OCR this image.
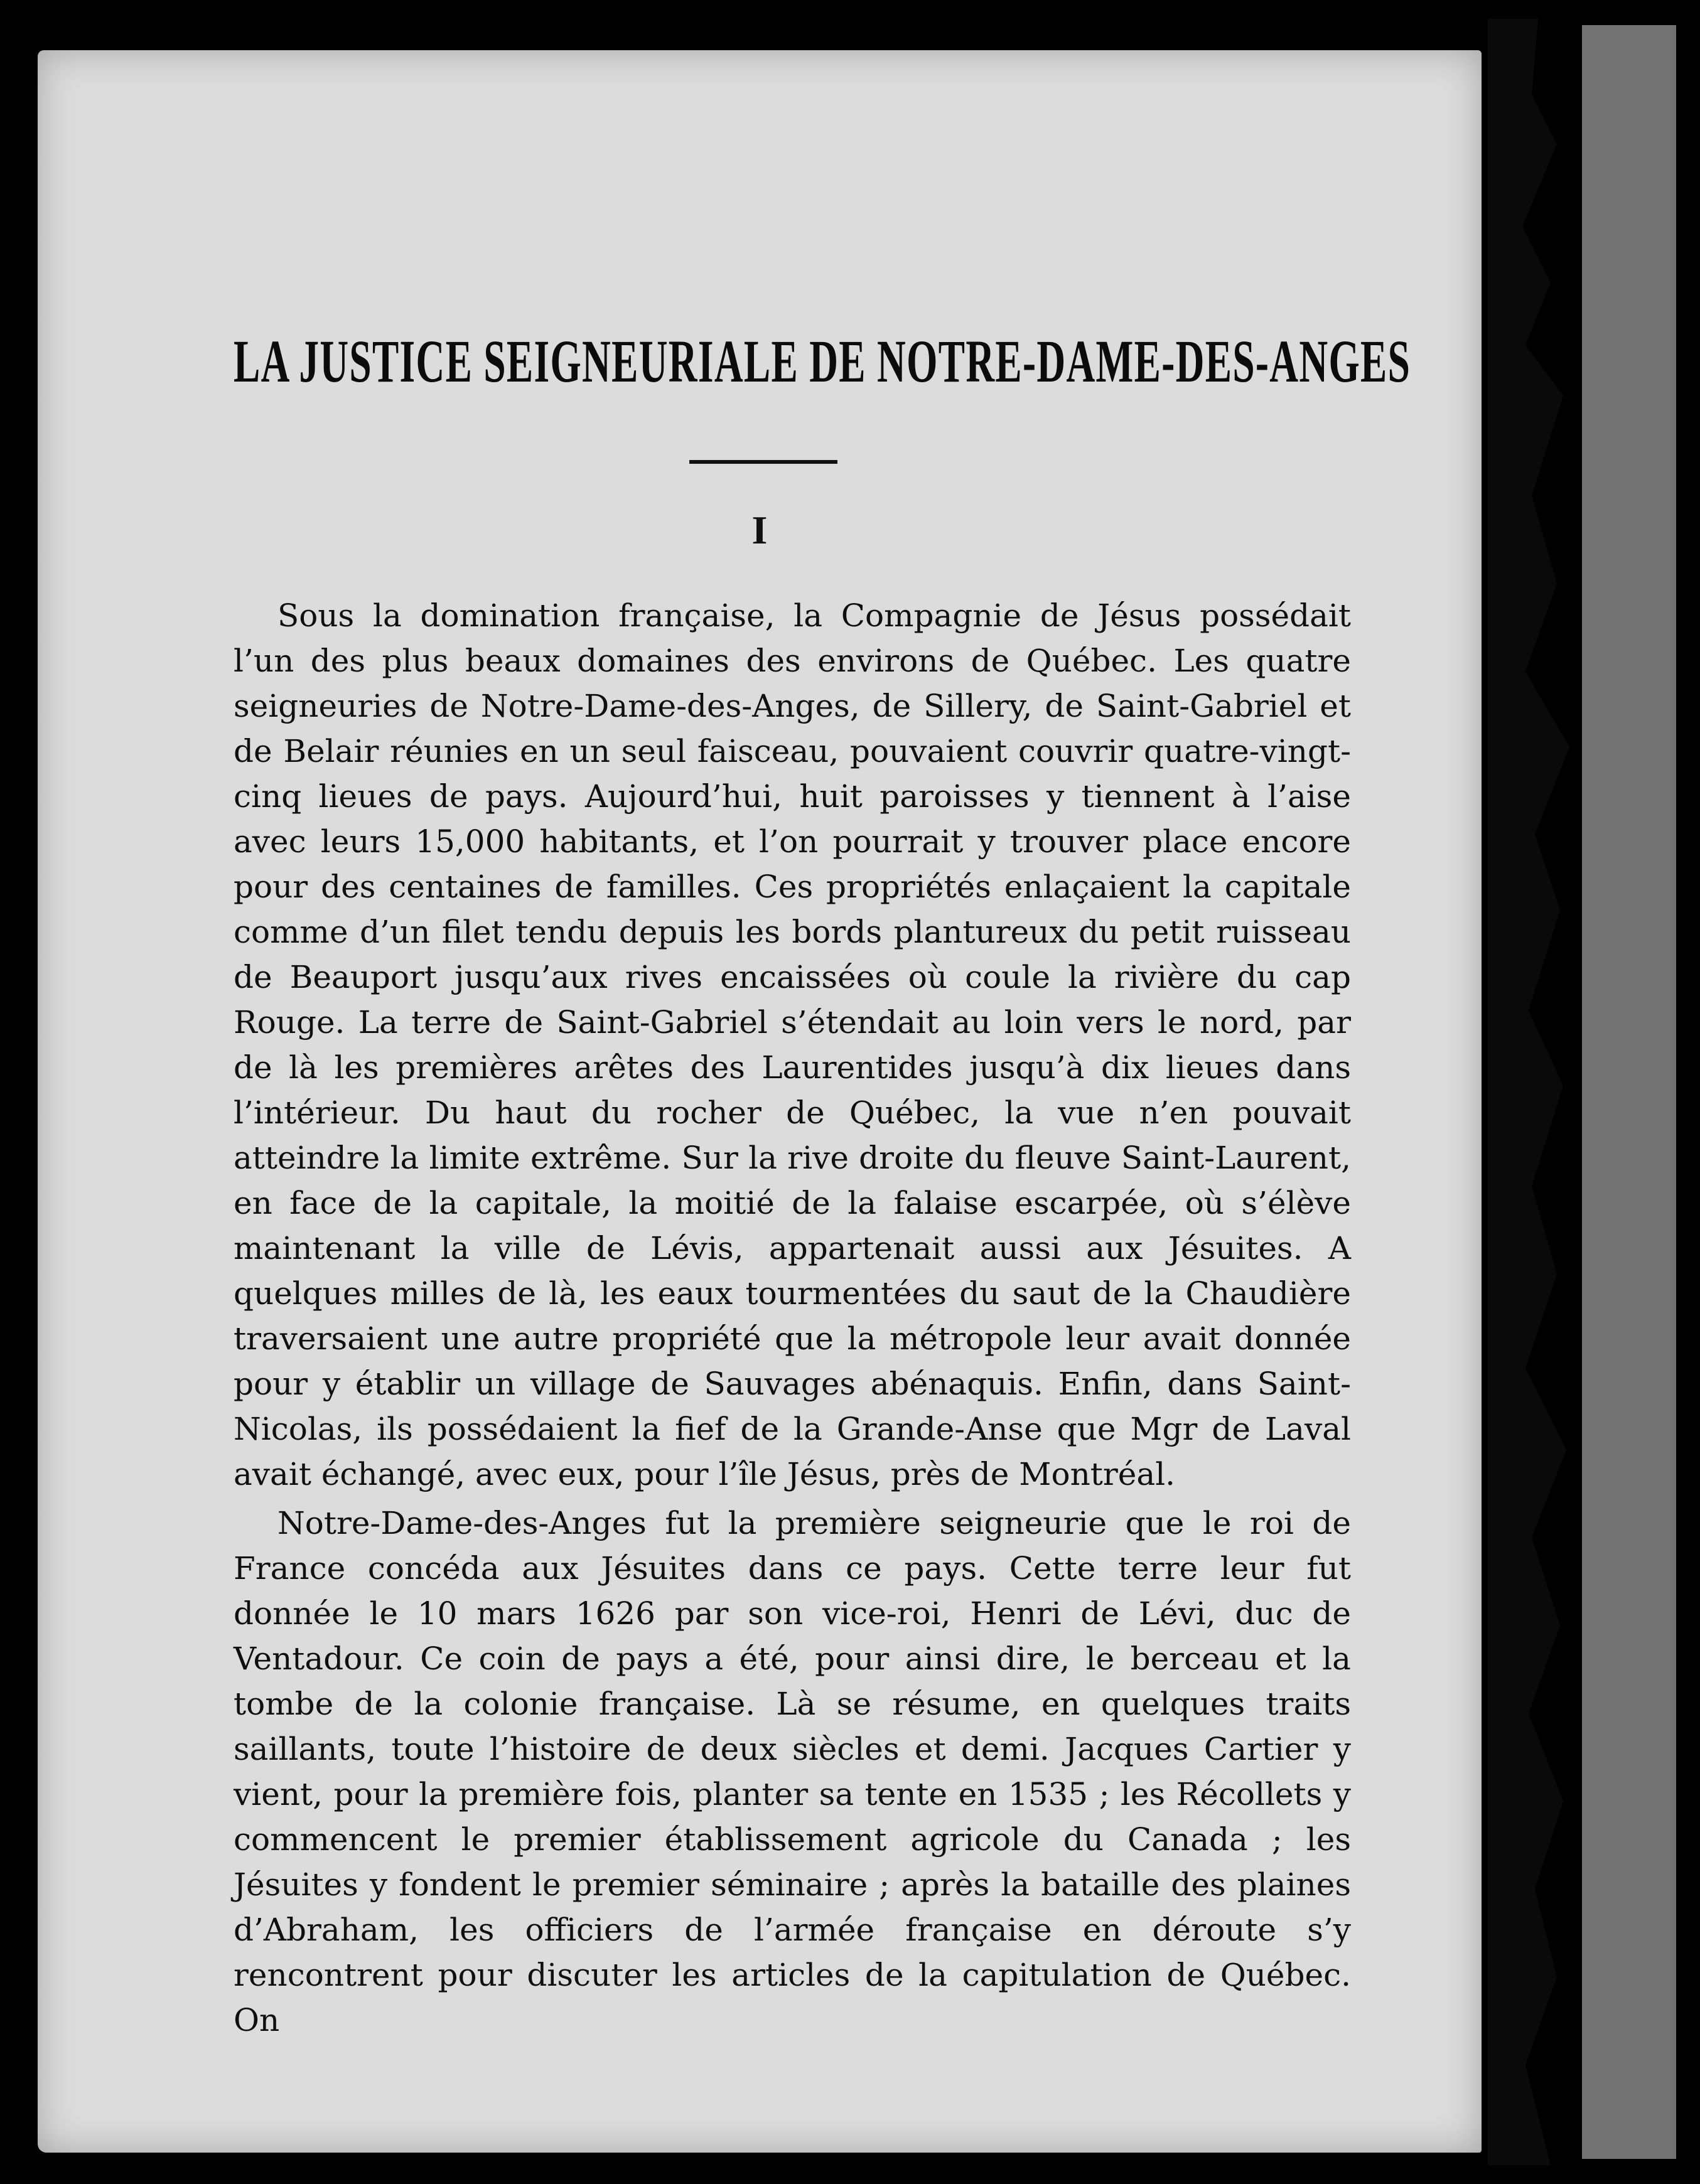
LA JUSTICE SEIGNEURIALE DE NOTRE-DAME-DES-ANGES
I

Sous la domination française, la Compagnie de Jésus possédait l’un des plus beaux domaines des environs de Québec. Les quatre seigneuries de Notre-Dame-des-Anges, de Sillery, de Saint-Gabriel et de Belair réunies en un seul faisceau, pouvaient couvrir quatre-vingt-cinq lieues de pays. Aujourd’hui, huit paroisses y tiennent à l’aise avec leurs 15,000 habitants, et l’on pourrait y trouver place encore pour des centaines de familles. Ces propriétés enlaçaient la capitale comme d’un filet tendu depuis les bords plantureux du petit ruisseau de Beauport jusqu’aux rives encaissées où coule la rivière du cap Rouge. La terre de Saint-Gabriel s’étendait au loin vers le nord, par de là les premières arêtes des Laurentides jusqu’à dix lieues dans l’intérieur. Du haut du rocher de Québec, la vue n’en pouvait atteindre la limite extrême. Sur la rive droite du fleuve Saint-Laurent, en face de la capitale, la moitié de la falaise escarpée, où s’élève maintenant la ville de Lévis, appartenait aussi aux Jésuites. A quelques milles de là, les eaux tourmentées du saut de la Chaudière traversaient une autre propriété que la métropole leur avait donnée pour y établir un village de Sauvages abénaquis. Enfin, dans Saint-Nicolas, ils possédaient la fief de la Grande-Anse que Mgr de Laval avait échangé, avec eux, pour l’île Jésus, près de Montréal.

Notre-Dame-des-Anges fut la première seigneurie que le roi de France concéda aux Jésuites dans ce pays. Cette terre leur fut donnée le 10 mars 1626 par son vice-roi, Henri de Lévi, duc de Ventadour. Ce coin de pays a été, pour ainsi dire, le berceau et la tombe de la colonie française. Là se résume, en quelques traits saillants, toute l’histoire de deux siècles et demi. Jacques Cartier y vient, pour la première fois, planter sa tente en 1535 ; les Récollets y commencent le premier établissement agricole du Canada ; les Jésuites y fondent le premier séminaire ; après la bataille des plaines d’Abraham, les officiers de l’armée française en déroute s’y rencontrent pour discuter les articles de la capitulation de Québec. On
